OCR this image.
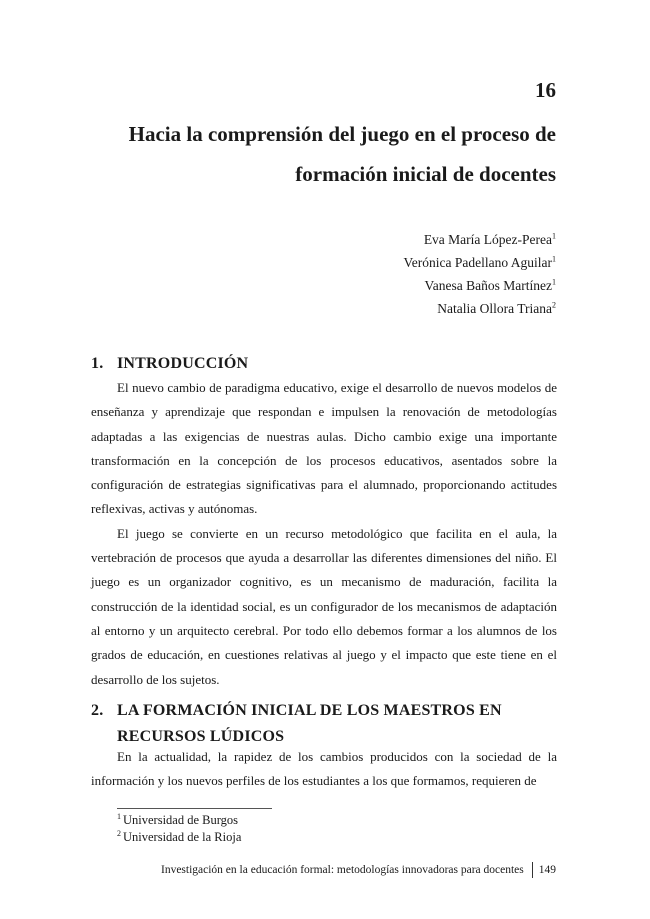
16
Hacia la comprensión del juego en el proceso de formación inicial de docentes
Eva María López-Perea$^1$
Verónica Padellano Aguilar$^1$
Vanesa Baños Martínez$^1$
Natalia Ollora Triana$^2$
1. INTRODUCCIÓN

El nuevo cambio de paradigma educativo, exige el desarrollo de nuevos modelos de enseñanza y aprendizaje que respondan e impulsen la renovación de metodologías adaptadas a las exigencias de nuestras aulas. Dicho cambio exige una importante transformación en la concepción de los procesos educativos, asentados sobre la configuración de estrategias significativas para el alumnado, proporcionando actitudes reflexivas, activas y autónomas.

El juego se convierte en un recurso metodológico que facilita en el aula, la vertebración de procesos que ayuda a desarrollar las diferentes dimensiones del niño. El juego es un organizador cognitivo, es un mecanismo de maduración, facilita la construcción de la identidad social, es un configurador de los mecanismos de adaptación al entorno y un arquitecto cerebral. Por todo ello debemos formar a los alumnos de los grados de educación, en cuestiones relativas al juego y el impacto que este tiene en el desarrollo de los sujetos.

2. LA FORMACIÓN INICIAL DE LOS MAESTROS EN
RECURSOS LÚDICOS

En la actualidad, la rapidez de los cambios producidos con la sociedad de la información y los nuevos perfiles de los estudiantes a los que formamos, requieren de

$^1$ Universidad de Burgos
$^2$ Universidad de la Rioja
Investigación en la educación formal: metodologías innovadoras para docentes 149
